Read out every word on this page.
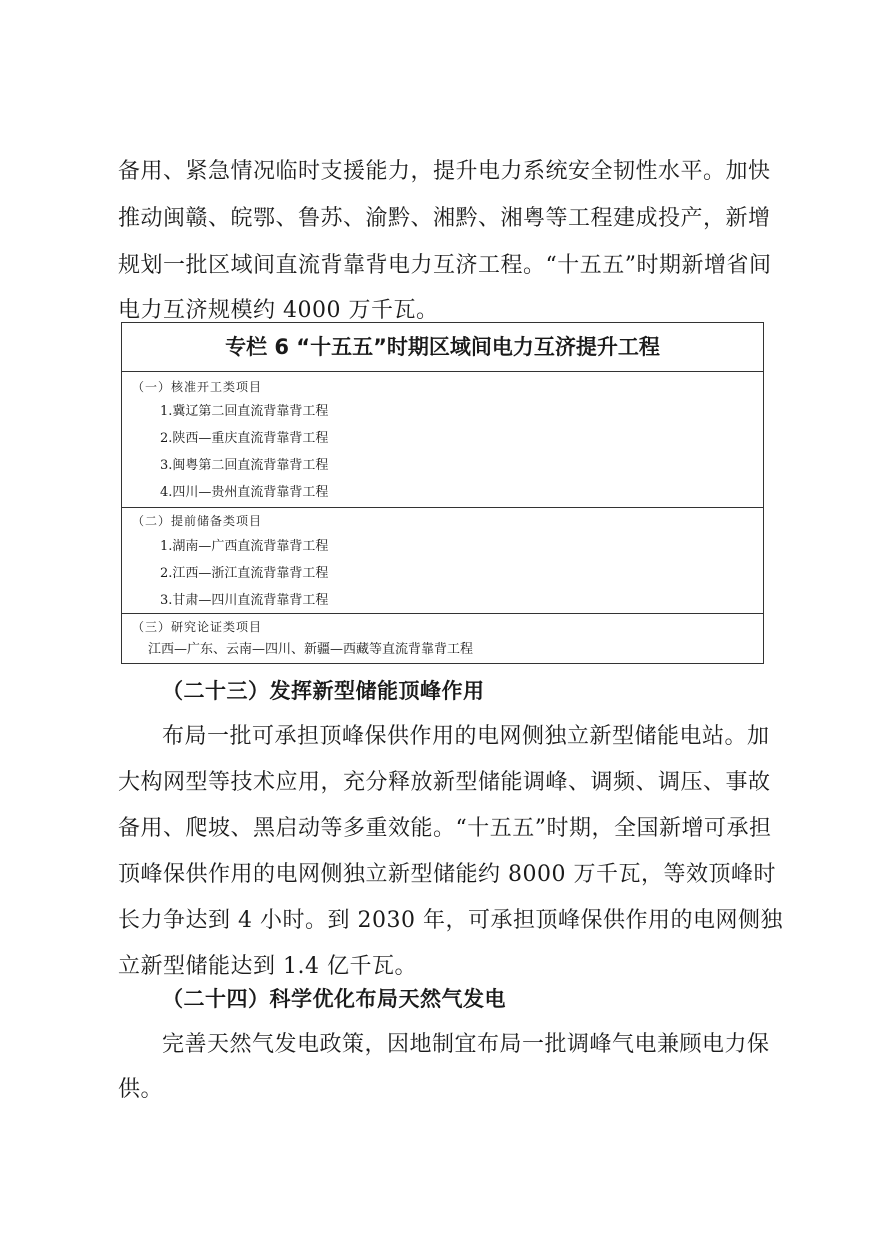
备用、紧急情况临时支援能力，提升电力系统安全韧性水平。加快
推动闽赣、皖鄂、鲁苏、渝黔、湘黔、湘粤等工程建成投产，新增
规划一批区域间直流背靠背电力互济工程。“十五五”时期新增省间
电力互济规模约 4000 万千瓦。
专栏 6 “十五五”时期区域间电力互济提升工程
（一）核准开工类项目
1.冀辽第二回直流背靠背工程
2.陕西—重庆直流背靠背工程
3.闽粤第二回直流背靠背工程
4.四川—贵州直流背靠背工程
（二）提前储备类项目
1.湖南—广西直流背靠背工程
2.江西—浙江直流背靠背工程
3.甘肃—四川直流背靠背工程
（三）研究论证类项目
江西—广东、云南—四川、新疆—西藏等直流背靠背工程
（二十三）发挥新型储能顶峰作用
布局一批可承担顶峰保供作用的电网侧独立新型储能电站。加
大构网型等技术应用，充分释放新型储能调峰、调频、调压、事故
备用、爬坡、黑启动等多重效能。“十五五”时期，全国新增可承担
顶峰保供作用的电网侧独立新型储能约 8000 万千瓦，等效顶峰时
长力争达到 4 小时。到 2030 年，可承担顶峰保供作用的电网侧独
立新型储能达到 1.4 亿千瓦。
（二十四）科学优化布局天然气发电
完善天然气发电政策，因地制宜布局一批调峰气电兼顾电力保
供。
